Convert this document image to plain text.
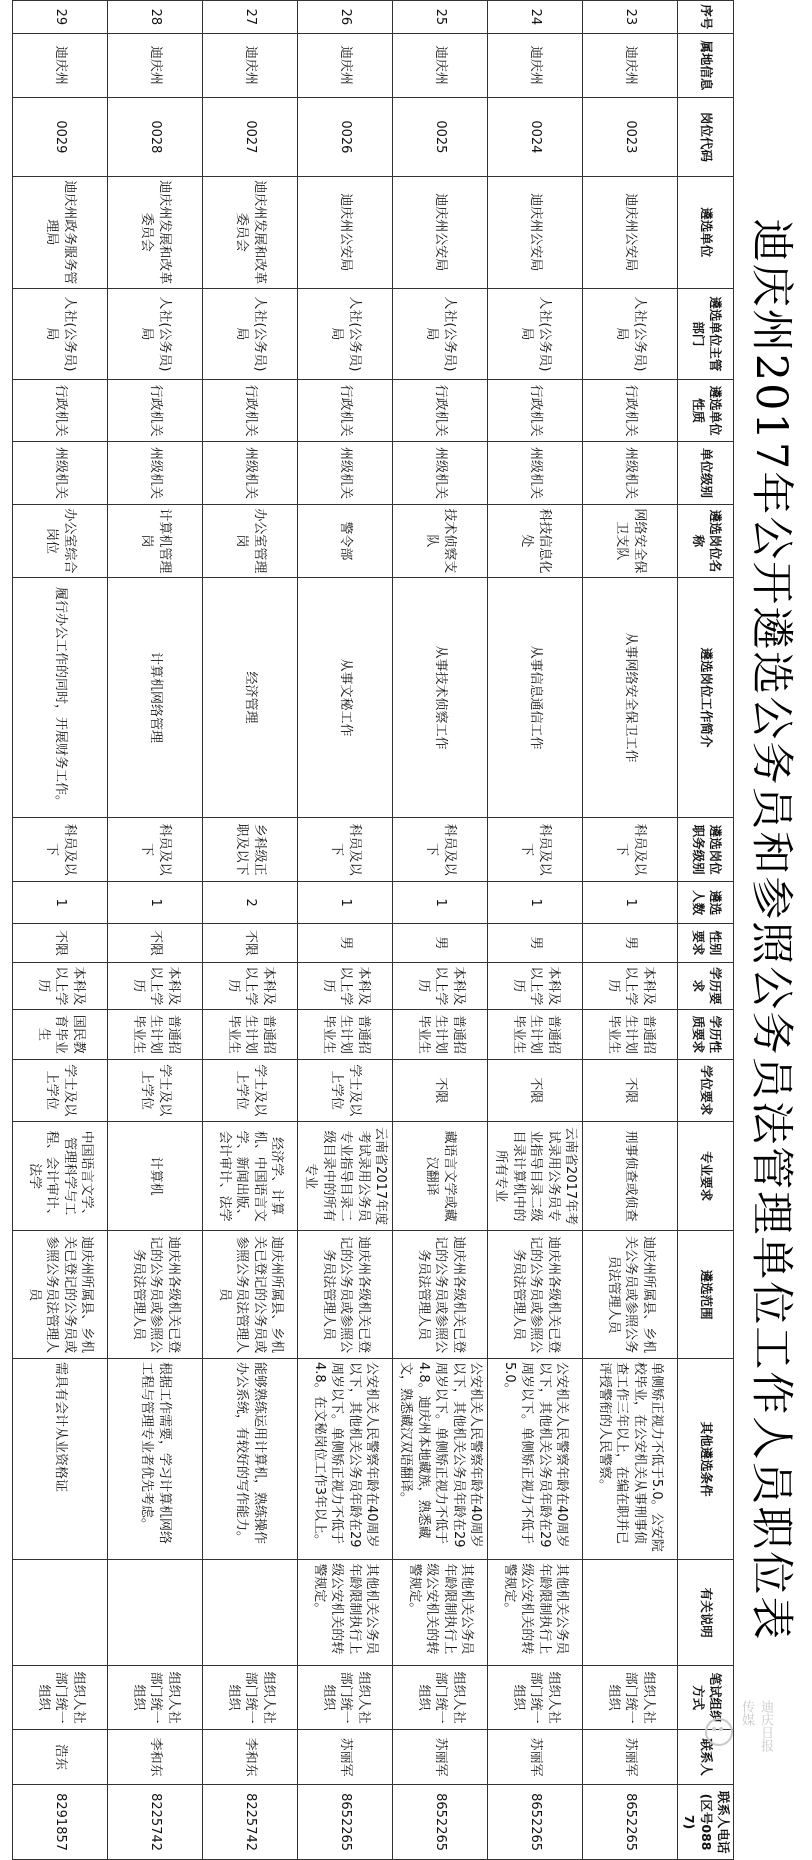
迪庆州2017年公开遴选公务员和参照公务员法管理单位工作人员职位表
序号	属地信息	岗位代码	遴选单位	遴选单位主管部门	遴选单位性质	单位级别	遴选岗位名称	遴选岗位工作简介	遴选岗位职务级别	遴选人数	性别要求	学历要求	学历性质要求	学位要求	专业要求	遴选范围	其他遴选条件	有关说明	笔试组织方式	联系人	联系人电话(区号0887)
23	迪庆州	0023	迪庆州公安局	人社(公务员)局	行政机关	州级机关	网络安全保卫支队	从事网络安全保卫工作	科员及以下	1	男	本科及以上学历	普通招生计划毕业生	不限	刑事侦查或侦查	迪庆州所属县、乡机关公务员或参照公务员法管理人员	单侧矫正视力不低于5.0。公安院校毕业，在公安机关从事刑事侦查工作三年以上，在编在职并已评授警衔的人民警察。		组织人社部门统一组织	苏丽军	8652265
24	迪庆州	0024	迪庆州公安局	人社(公务员)局	行政机关	州级机关	科技信息化处	从事信息通信工作	科员及以下	1	男	本科及以上学历	普通招生计划毕业生	不限	云南省2017年考试录用公务员专业指导目录二级目录计算机中的所有专业	迪庆州各级机关已登记的公务员或参照公务员法管理人员	公安机关人民警察年龄在40周岁以下，其他机关公务员年龄在29周岁以下。单侧矫正视力不低于5.0。	其他机关公务员年龄限制执行上级公安机关的转警规定。	组织人社部门统一组织	苏丽军	8652265
25	迪庆州	0025	迪庆州公安局	人社(公务员)局	行政机关	州级机关	技术侦察支队	从事技术侦察工作	科员及以下	1	男	本科及以上学历	普通招生计划毕业生	不限	藏语言文学或藏汉翻译	迪庆州各级机关已登记的公务员或参照公务员法管理人员	公安机关人民警察年龄在40周岁以下，其他机关公务员年龄在29周岁以下。单侧矫正视力不低于4.8。迪庆州本地藏族，熟悉藏文，熟悉藏汉双语翻译。	其他机关公务员年龄限制执行上级公安机关的转警规定。	组织人社部门统一组织	苏丽军	8652265
26	迪庆州	0026	迪庆州公安局	人社(公务员)局	行政机关	州级机关	警令部	从事文秘工作	科员及以下	1	男	本科及以上学历	普通招生计划毕业生	学士及以上学位	云南省2017年度考试录用公务员专业指导目录二级目录中的所有专业	迪庆州各级机关已登记的公务员或参照公务员法管理人员	公安机关人民警察年龄在40周岁以下，其他机关公务员年龄在29周岁以下。单侧矫正视力不低于4.8。在文秘岗位工作3年以上。	其他机关公务员年龄限制执行上级公安机关的转警规定。	组织人社部门统一组织	苏丽军	8652265
27	迪庆州	0027	迪庆州发展和改革委员会	人社(公务员)局	行政机关	州级机关	办公室管理岗	经济管理	乡科级正职及以下	2	不限	本科及以上学历	普通招生计划毕业生	学士及以上学位	经济学、计算机、中国语言文学、新闻出版、会计审计、法学	迪庆州所属县、乡机关已登记的公务员或参照公务员法管理人员	能够熟练运用计算机，熟练操作办公系统，有较好的写作能力。		组织人社部门统一组织	李和东	8225742
28	迪庆州	0028	迪庆州发展和改革委员会	人社(公务员)局	行政机关	州级机关	计算机管理岗	计算机网络管理	科员及以下	1	不限	本科及以上学历	普通招生计划毕业生	学士及以上学位	计算机	迪庆州各级机关已登记的公务员或参照公务员法管理人员	根据工作需要，学习计算机网络工程与管理专业者优先考虑。		组织人社部门统一组织	李和东	8225742
29	迪庆州	0029	迪庆州政务服务管理局	人社(公务员)局	行政机关	州级机关	办公室综合岗位	履行办公工作的同时，开展财务工作。	科员及以下	1	不限	本科及以上学历	国民教育毕业生	学士及以上学位	中国语言文学、管理科学与工程、会计审计、法学	迪庆州所属县、乡机关已登记的公务员或参照公务员法管理人员	需具有会计从业资格证		组织人社部门统一组织	浩东	8291857
迪庆日报传媒
